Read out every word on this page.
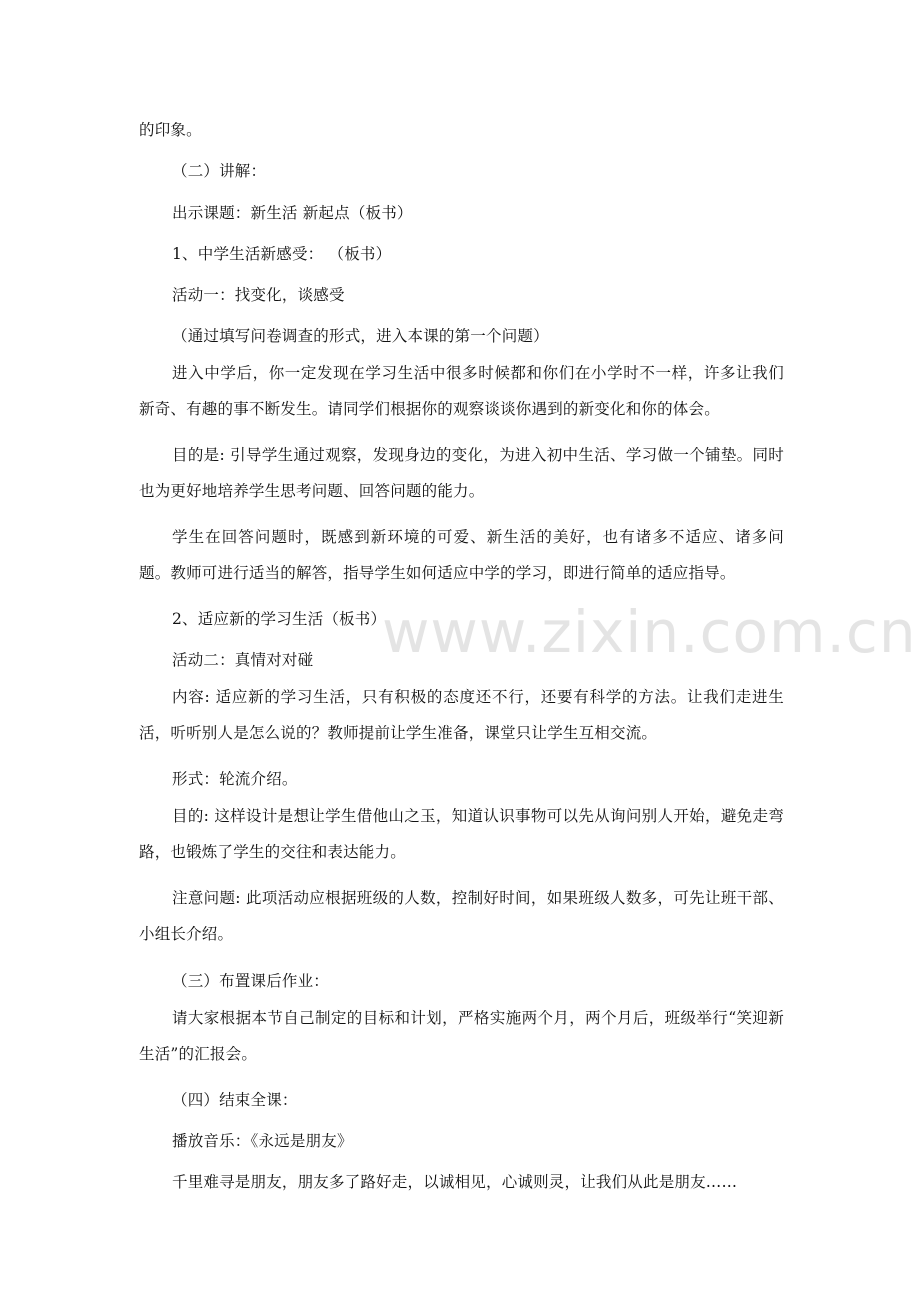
的印象。

（二）讲解：

出示课题：新生活 新起点（板书）

1、中学生活新感受： （板书）

活动一：找变化，谈感受

（通过填写问卷调查的形式，进入本课的第一个问题）

进入中学后，你一定发现在学习生活中很多时候都和你们在小学时不一样，许多让我们新奇、有趣的事不断发生。请同学们根据你的观察谈谈你遇到的新变化和你的体会。

目的是: 引导学生通过观察，发现身边的变化，为进入初中生活、学习做一个铺垫。同时也为更好地培养学生思考问题、回答问题的能力。

学生在回答问题时，既感到新环境的可爱、新生活的美好，也有诸多不适应、诸多问题。教师可进行适当的解答，指导学生如何适应中学的学习，即进行简单的适应指导。

2、适应新的学习生活（板书）

活动二：真情对对碰

内容: 适应新的学习生活，只有积极的态度还不行，还要有科学的方法。让我们走进生活，听听别人是怎么说的？教师提前让学生准备，课堂只让学生互相交流。

形式：轮流介绍。

目的: 这样设计是想让学生借他山之玉，知道认识事物可以先从询问别人开始，避免走弯路，也锻炼了学生的交往和表达能力。

注意问题: 此项活动应根据班级的人数，控制好时间，如果班级人数多，可先让班干部、小组长介绍。

（三）布置课后作业：

请大家根据本节自己制定的目标和计划，严格实施两个月，两个月后，班级举行“笑迎新生活”的汇报会。

（四）结束全课：

播放音乐：《永远是朋友》

千里难寻是朋友，朋友多了路好走，以诚相见，心诚则灵，让我们从此是朋友……

www.zixin.com.cn
